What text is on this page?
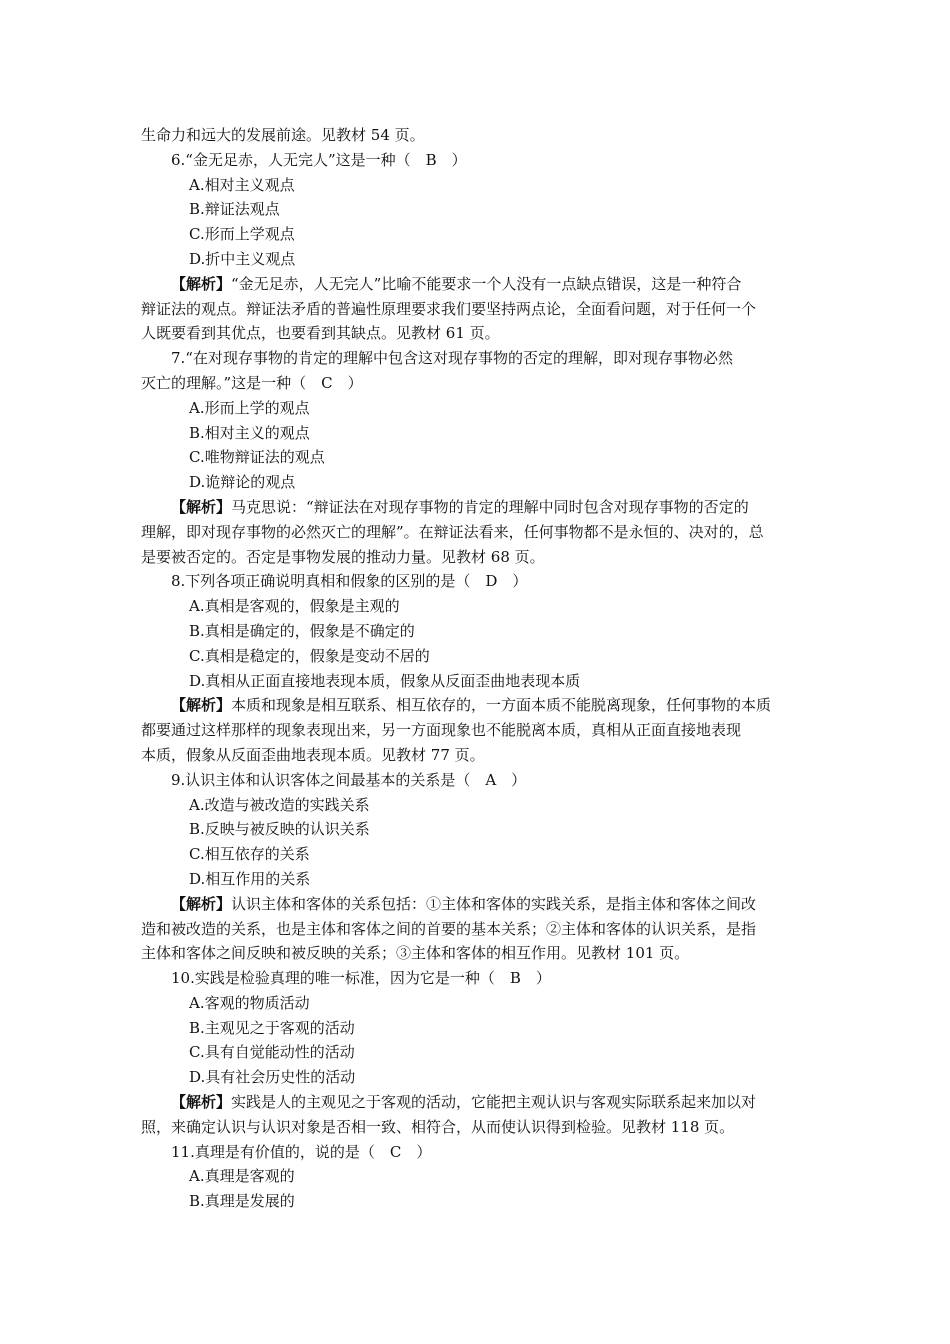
生命力和远大的发展前途。见教材 54 页。
6.“金无足赤，人无完人”这是一种（　B　）
A.相对主义观点
B.辩证法观点
C.形而上学观点
D.折中主义观点
【解析】“金无足赤，人无完人”比喻不能要求一个人没有一点缺点错误，这是一种符合
辩证法的观点。辩证法矛盾的普遍性原理要求我们要坚持两点论，全面看问题，对于任何一个
人既要看到其优点，也要看到其缺点。见教材 61 页。
7.“在对现存事物的肯定的理解中包含这对现存事物的否定的理解，即对现存事物必然
灭亡的理解。”这是一种（　C　）
A.形而上学的观点
B.相对主义的观点
C.唯物辩证法的观点
D.诡辩论的观点
【解析】马克思说：“辩证法在对现存事物的肯定的理解中同时包含对现存事物的否定的
理解，即对现存事物的必然灭亡的理解”。在辩证法看来，任何事物都不是永恒的、决对的，总
是要被否定的。否定是事物发展的推动力量。见教材 68 页。
8.下列各项正确说明真相和假象的区别的是（　D　）
A.真相是客观的，假象是主观的
B.真相是确定的，假象是不确定的
C.真相是稳定的，假象是变动不居的
D.真相从正面直接地表现本质，假象从反面歪曲地表现本质
【解析】本质和现象是相互联系、相互依存的，一方面本质不能脱离现象，任何事物的本质
都要通过这样那样的现象表现出来，另一方面现象也不能脱离本质，真相从正面直接地表现
本质，假象从反面歪曲地表现本质。见教材 77 页。
9.认识主体和认识客体之间最基本的关系是（　A　）
A.改造与被改造的实践关系
B.反映与被反映的认识关系
C.相互依存的关系
D.相互作用的关系
【解析】认识主体和客体的关系包括：①主体和客体的实践关系，是指主体和客体之间改
造和被改造的关系，也是主体和客体之间的首要的基本关系；②主体和客体的认识关系，是指
主体和客体之间反映和被反映的关系；③主体和客体的相互作用。见教材 101 页。
10.实践是检验真理的唯一标准，因为它是一种（　B　）
A.客观的物质活动
B.主观见之于客观的活动
C.具有自觉能动性的活动
D.具有社会历史性的活动
【解析】实践是人的主观见之于客观的活动，它能把主观认识与客观实际联系起来加以对
照，来确定认识与认识对象是否相一致、相符合，从而使认识得到检验。见教材 118 页。
11.真理是有价值的，说的是（　C　）
A.真理是客观的
B.真理是发展的
